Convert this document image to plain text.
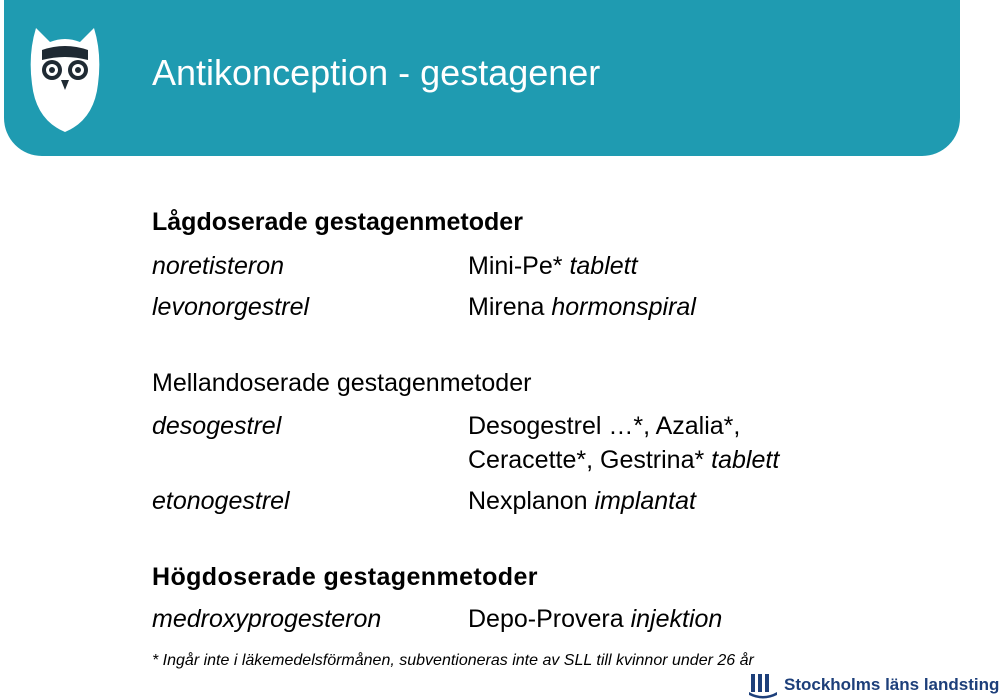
Antikonception - gestagener
Lågdoserade gestagenmetoder
noretisteron	Mini-Pe* tablett
levonorgestrel	Mirena hormonspiral
Mellandoserade gestagenmetoder
desogestrel	Desogestrel …*, Azalia*,
Ceracette*, Gestrina* tablett
etonogestrel	Nexplanon implantat
Högdoserade gestagenmetoder
medroxyprogesteron	Depo-Provera injektion
* Ingår inte i läkemedelsförmånen, subventioneras inte av SLL till kvinnor under 26 år
Stockholms läns landsting
